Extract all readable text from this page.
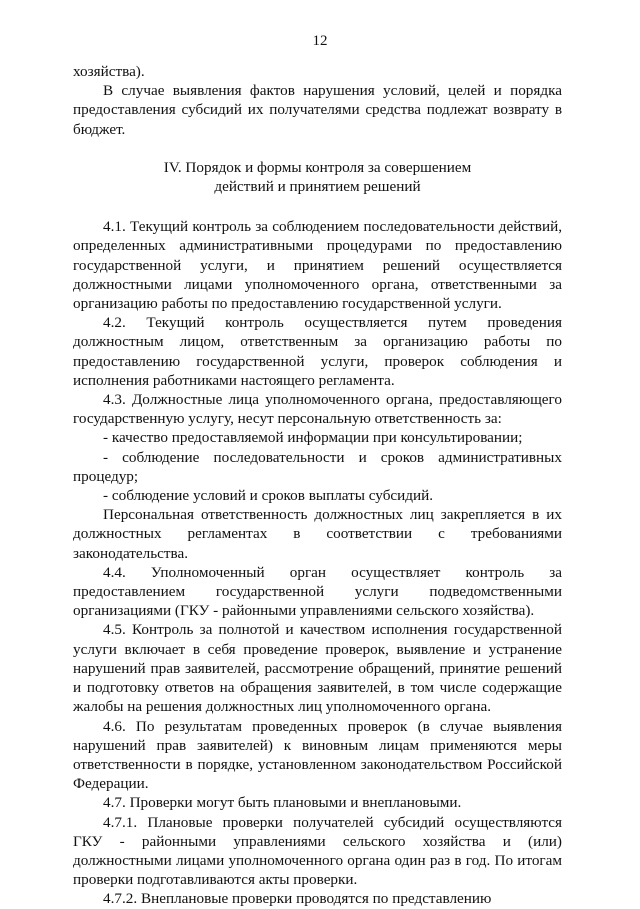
12

хозяйства).

В случае выявления фактов нарушения условий, целей и порядка предоставления субсидий их получателями средства подлежат возврату в бюджет.

IV. Порядок и формы контроля за совершением
действий и принятием решений

4.1. Текущий контроль за соблюдением последовательности действий, определенных административными процедурами по предоставлению государственной услуги, и принятием решений осуществляется должностными лицами уполномоченного органа, ответственными за организацию работы по предоставлению государственной услуги.

4.2. Текущий контроль осуществляется путем проведения должностным лицом, ответственным за организацию работы по предоставлению государственной услуги, проверок соблюдения и исполнения работниками настоящего регламента.

4.3. Должностные лица уполномоченного органа, предоставляющего государственную услугу, несут персональную ответственность за:

- качество предоставляемой информации при консультировании;

- соблюдение последовательности и сроков административных процедур;

- соблюдение условий и сроков выплаты субсидий.

Персональная ответственность должностных лиц закрепляется в их должностных регламентах в соответствии с требованиями законодательства.

4.4. Уполномоченный орган осуществляет контроль за предоставлением государственной услуги подведомственными организациями (ГКУ - районными управлениями сельского хозяйства).

4.5. Контроль за полнотой и качеством исполнения государственной услуги включает в себя проведение проверок, выявление и устранение нарушений прав заявителей, рассмотрение обращений, принятие решений и подготовку ответов на обращения заявителей, в том числе содержащие жалобы на решения должностных лиц уполномоченного органа.

4.6. По результатам проведенных проверок (в случае выявления нарушений прав заявителей) к виновным лицам применяются меры ответственности в порядке, установленном законодательством Российской Федерации.

4.7. Проверки могут быть плановыми и внеплановыми.

4.7.1. Плановые проверки получателей субсидий осуществляются ГКУ - районными управлениями сельского хозяйства и (или) должностными лицами уполномоченного органа один раз в год. По итогам проверки подготавливаются акты проверки.

4.7.2. Внеплановые проверки проводятся по представлению
